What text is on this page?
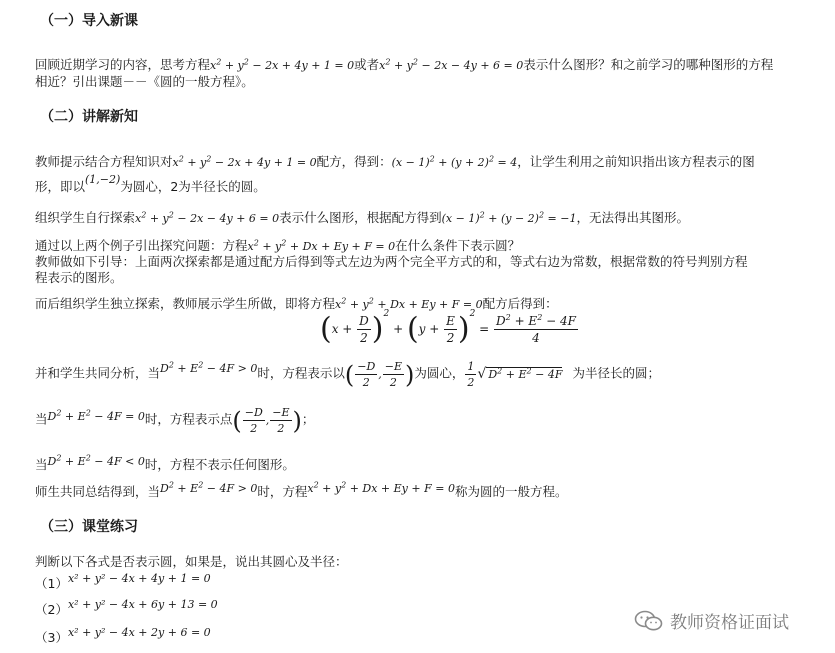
（一）导入新课
回顾近期学习的内容，思考方程$x^2 + y^2 - 2x + 4y + 1 = 0$或者$x^2 + y^2 - 2x - 4y + 6 = 0$表示什么图形？和之前学习的哪种图形的方程
相近？引出课题－－《圆的一般方程》。
（二）讲解新知
教师提示结合方程知识对$x^2 + y^2 - 2x + 4y + 1 = 0$配方，得到：$(x - 1)^2 + (y + 2)^2 = 4$，让学生利用之前知识指出该方程表示的图
形，即以(1,−2)为圆心，2为半径长的圆。
组织学生自行探索$x^2 + y^2 - 2x - 4y + 6 = 0$表示什么图形，根据配方得到$(x - 1)^2 + (y - 2)^2 = -1$，无法得出其图形。
通过以上两个例子引出探究问题：方程$x^2 + y^2 + Dx + Ey + F = 0$在什么条件下表示圆？
教师做如下引导：上面两次探索都是通过配方后得到等式左边为两个完全平方式的和，等式右边为常数，根据常数的符号判别方程
程表示的图形。
而后组织学生独立探索，教师展示学生所做，即将方程$x^2 + y^2 + Dx + Ey + F = 0$配方后得到：
$(x + \frac{D}{2} )^2 + (y + \frac{E}{2} )^2 = \frac{D^2 + E^2 - 4F}{4}$
并和学生共同分析，当$D^2 + E^2 - 4F > 0$时，方程表示以( $\frac{-D}{2}$ , $\frac{-E}{2}$ )为圆心， $\frac{1}{2}$ √ $D^2 + E^2 - 4F$ 为半径长的圆；
当$D^2 + E^2 - 4F = 0$时，方程表示点( $\frac{-D}{2}$ , $\frac{-E}{2}$ )；
当$D^2 + E^2 - 4F < 0$时，方程不表示任何图形。
师生共同总结得到，当$D^2 + E^2 - 4F > 0$时，方程$x^2 + y^2 + Dx + Ey + F = 0$称为圆的一般方程。
（三）课堂练习
判断以下各式是否表示圆，如果是，说出其圆心及半径：
（1）x² + y² − 4x + 4y + 1 = 0
（2）x² + y² − 4x + 6y + 13 = 0
（3）x² + y² − 4x + 2y + 6 = 0	教师资格证面试
